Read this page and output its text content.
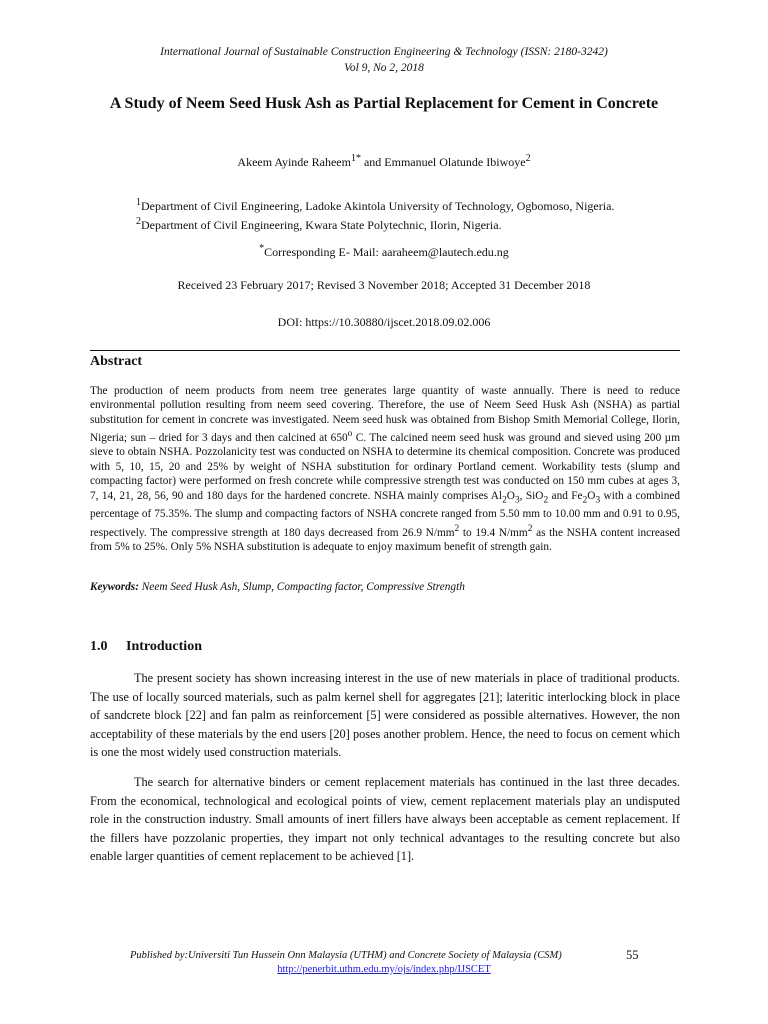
International Journal of Sustainable Construction Engineering & Technology (ISSN: 2180-3242)
Vol 9, No 2, 2018
A Study of Neem Seed Husk Ash as Partial Replacement for Cement in Concrete
Akeem Ayinde Raheem$^{1*}$ and Emmanuel Olatunde Ibiwoye$^2$
$^1$Department of Civil Engineering, Ladoke Akintola University of Technology, Ogbomoso, Nigeria.
$^2$Department of Civil Engineering, Kwara State Polytechnic, Ilorin, Nigeria.
*Corresponding E- Mail: aaraheem@lautech.edu.ng
Received 23 February 2017; Revised 3 November 2018; Accepted 31 December 2018
DOI: https://10.30880/ijscet.2018.09.02.006
Abstract
The production of neem products from neem tree generates large quantity of waste annually. There is need to reduce environmental pollution resulting from neem seed covering. Therefore, the use of Neem Seed Husk Ash (NSHA) as partial substitution for cement in concrete was investigated. Neem seed husk was obtained from Bishop Smith Memorial College, Ilorin, Nigeria; sun – dried for 3 days and then calcined at 650$^o$ C. The calcined neem seed husk was ground and sieved using 200 µm sieve to obtain NSHA. Pozzolanicity test was conducted on NSHA to determine its chemical composition. Concrete was produced with 5, 10, 15, 20 and 25% by weight of NSHA substitution for ordinary Portland cement. Workability tests (slump and compacting factor) were performed on fresh concrete while compressive strength test was conducted on 150 mm cubes at ages 3, 7, 14, 21, 28, 56, 90 and 180 days for the hardened concrete. NSHA mainly comprises $Al_2O_3$, SiO$_2$ and $Fe_2O_3$ with a combined percentage of 75.35%. The slump and compacting factors of NSHA concrete ranged from 5.50 mm to 10.00 mm and 0.91 to 0.95, respectively. The compressive strength at 180 days decreased from 26.9 $N/mm^2$ to 19.4 $N/mm^2$ as the NSHA content increased from 5% to 25%. Only 5% NSHA substitution is adequate to enjoy maximum benefit of strength gain.
Keywords: Neem Seed Husk Ash, Slump, Compacting factor, Compressive Strength
1.0 Introduction
The present society has shown increasing interest in the use of new materials in place of traditional products. The use of locally sourced materials, such as palm kernel shell for aggregates [21]; lateritic interlocking block in place of sandcrete block [22] and fan palm as reinforcement [5] were considered as possible alternatives. However, the non acceptability of these materials by the end users [20] poses another problem. Hence, the need to focus on cement which is one the most widely used construction materials.
The search for alternative binders or cement replacement materials has continued in the last three decades. From the economical, technological and ecological points of view, cement replacement materials play an undisputed role in the construction industry. Small amounts of inert fillers have always been acceptable as cement replacement. If the fillers have pozzolanic properties, they impart not only technical advantages to the resulting concrete but also enable larger quantities of cement replacement to be achieved [1].
Published by:Universiti Tun Hussein Onn Malaysia (UTHM) and Concrete Society of Malaysia (CSM)	55
http://penerbit.uthm.edu.my/ojs/index.php/IJSCET
